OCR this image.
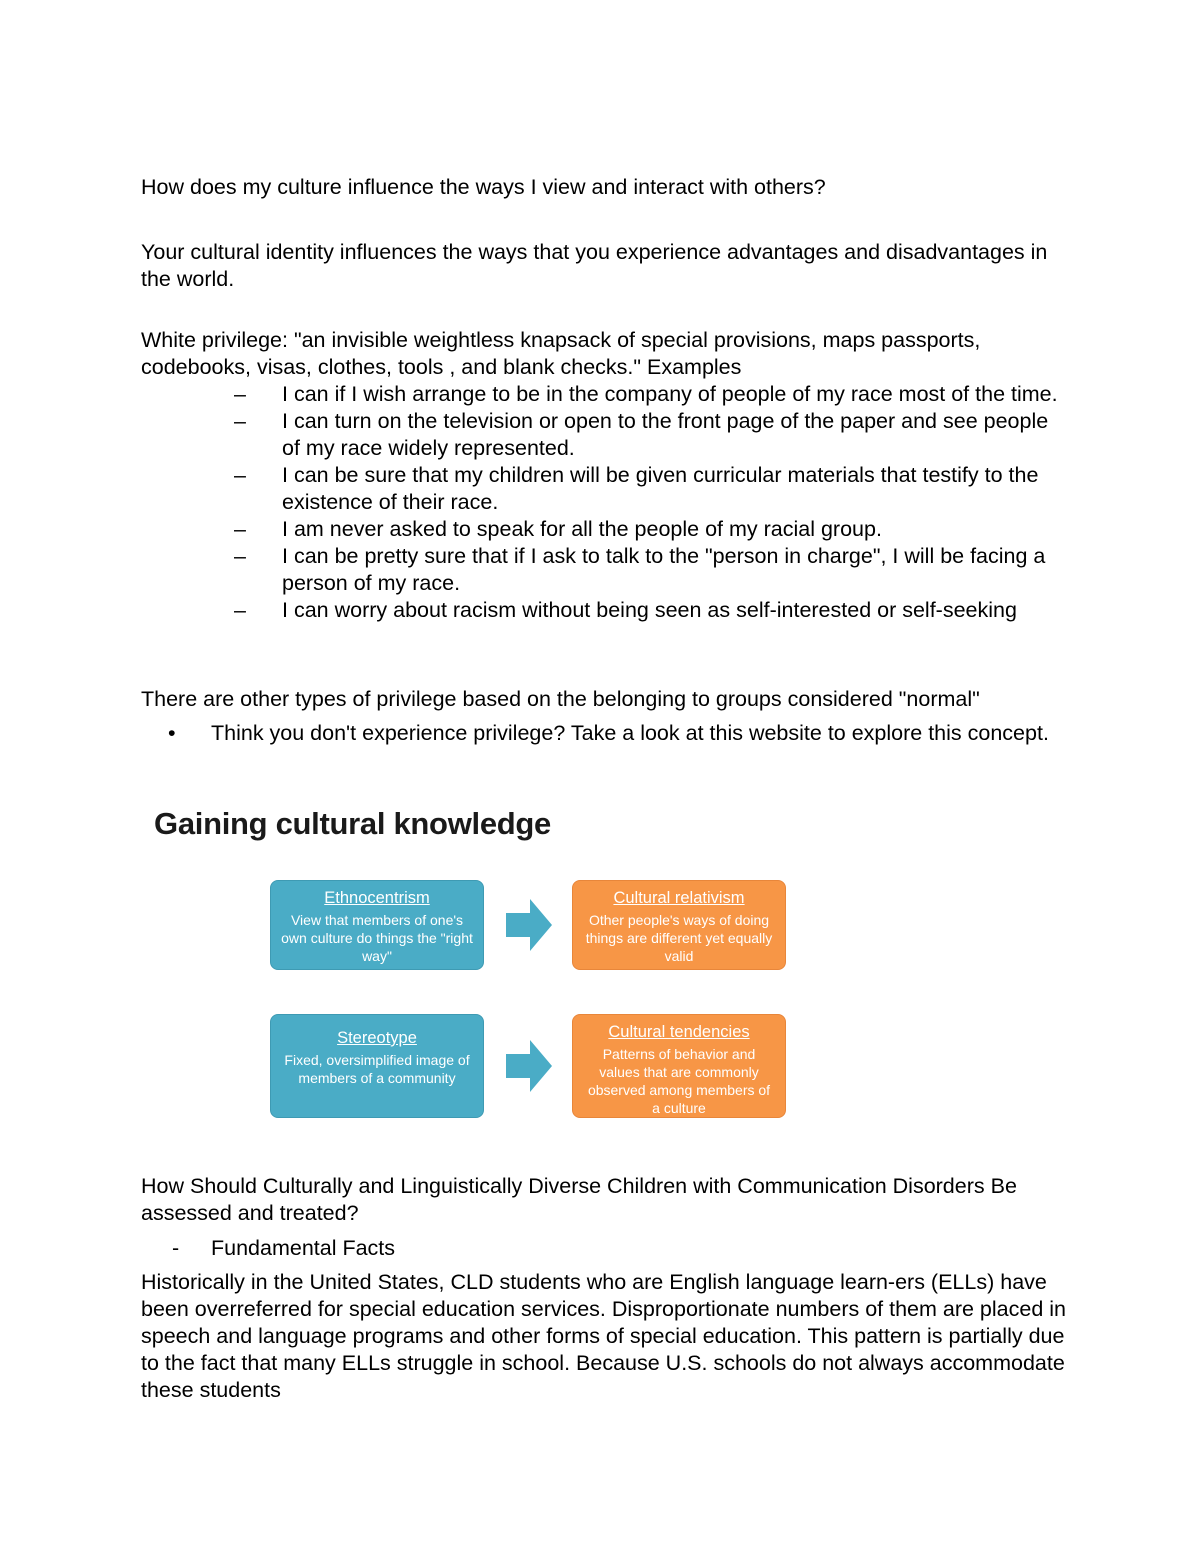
How does my culture influence the ways I view and interact with others?
Your cultural identity influences the ways that you experience advantages and disadvantages in the world.
White privilege: "an invisible weightless knapsack of special provisions, maps passports, codebooks, visas, clothes, tools , and blank checks." Examples
– I can if I wish arrange to be in the company of people of my race most of the time.
– I can turn on the television or open to the front page of the paper and see people of my race widely represented.
– I can be sure that my children will be given curricular materials that testify to the existence of their race.
– I am never asked to speak for all the people of my racial group.
– I can be pretty sure that if I ask to talk to the "person in charge", I will be facing a person of my race.
– I can worry about racism without being seen as self-interested or self-seeking
There are other types of privilege based on the belonging to groups considered "normal"
• Think you don't experience privilege? Take a look at this website to explore this concept.
Gaining cultural knowledge
Ethnocentrism
View that members of one's own culture do things the "right way"
Cultural relativism
Other people's ways of doing things are different yet equally valid
Stereotype
Fixed, oversimplified image of members of a community
Cultural tendencies
Patterns of behavior and values that are commonly observed among members of a culture
How Should Culturally and Linguistically Diverse Children with Communication Disorders Be assessed and treated?
- Fundamental Facts
Historically in the United States, CLD students who are English language learn-ers (ELLs) have been overreferred for special education services. Disproportionate numbers of them are placed in speech and language programs and other forms of special education. This pattern is partially due to the fact that many ELLs struggle in school. Because U.S. schools do not always accommodate these students
